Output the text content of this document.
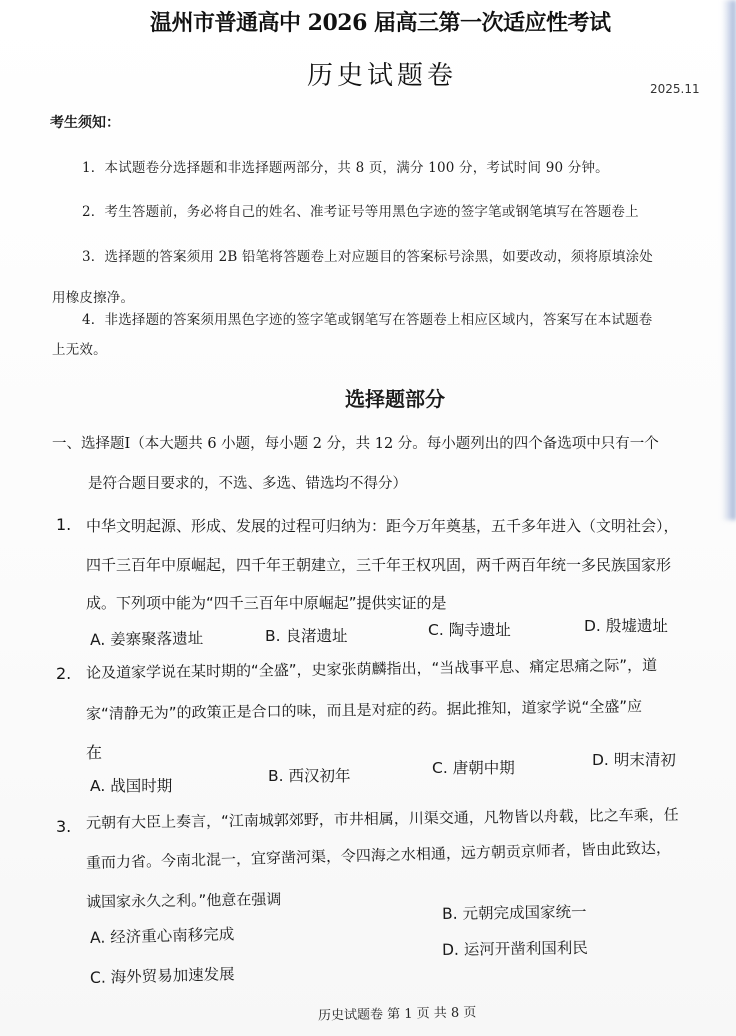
温州市普通高中 2026 届高三第一次适应性考试
历史试题卷	2025.11
考生须知：
1．本试题卷分选择题和非选择题两部分，共 8 页，满分 100 分，考试时间 90 分钟。
2．考生答题前，务必将自己的姓名、准考证号等用黑色字迹的签字笔或钢笔填写在答题卷上
3．选择题的答案须用 2B 铅笔将答题卷上对应题目的答案标号涂黑，如要改动，须将原填涂处
用橡皮擦净。
4．非选择题的答案须用黑色字迹的签字笔或钢笔写在答题卷上相应区域内，答案写在本试题卷
上无效。
选择题部分
一、选择题Ⅰ（本大题共 6 小题，每小题 2 分，共 12 分。每小题列出的四个备选项中只有一个
是符合题目要求的，不选、多选、错选均不得分）
1. 中华文明起源、形成、发展的过程可归纳为：距今万年奠基，五千多年进入（文明社会），
四千三百年中原崛起，四千年王朝建立，三千年王权巩固，两千两百年统一多民族国家形
成。下列项中能为“四千三百年中原崛起”提供实证的是
A. 姜寨聚落遗址	B. 良渚遗址	C. 陶寺遗址	D. 殷墟遗址
2. 论及道家学说在某时期的“全盛”，史家张荫麟指出，“当战事平息、痛定思痛之际”，道
家“清静无为”的政策正是合口的味，而且是对症的药。据此推知，道家学说“全盛”应
在
A. 战国时期
B. 西汉初年	C. 唐朝中期	D. 明末清初
3. 元朝有大臣上奏言，“江南城郭郊野，市井相属，川渠交通，凡物皆以舟载，比之车乘，任
重而力省。今南北混一，宜穿凿河渠，令四海之水相通，远方朝贡京师者，皆由此致达，
诚国家永久之利。”他意在强调
A. 经济重心南移完成
B. 元朝完成国家统一
C. 海外贸易加速发展
D. 运河开凿利国利民
历史试题卷 第 1 页 共 8 页
